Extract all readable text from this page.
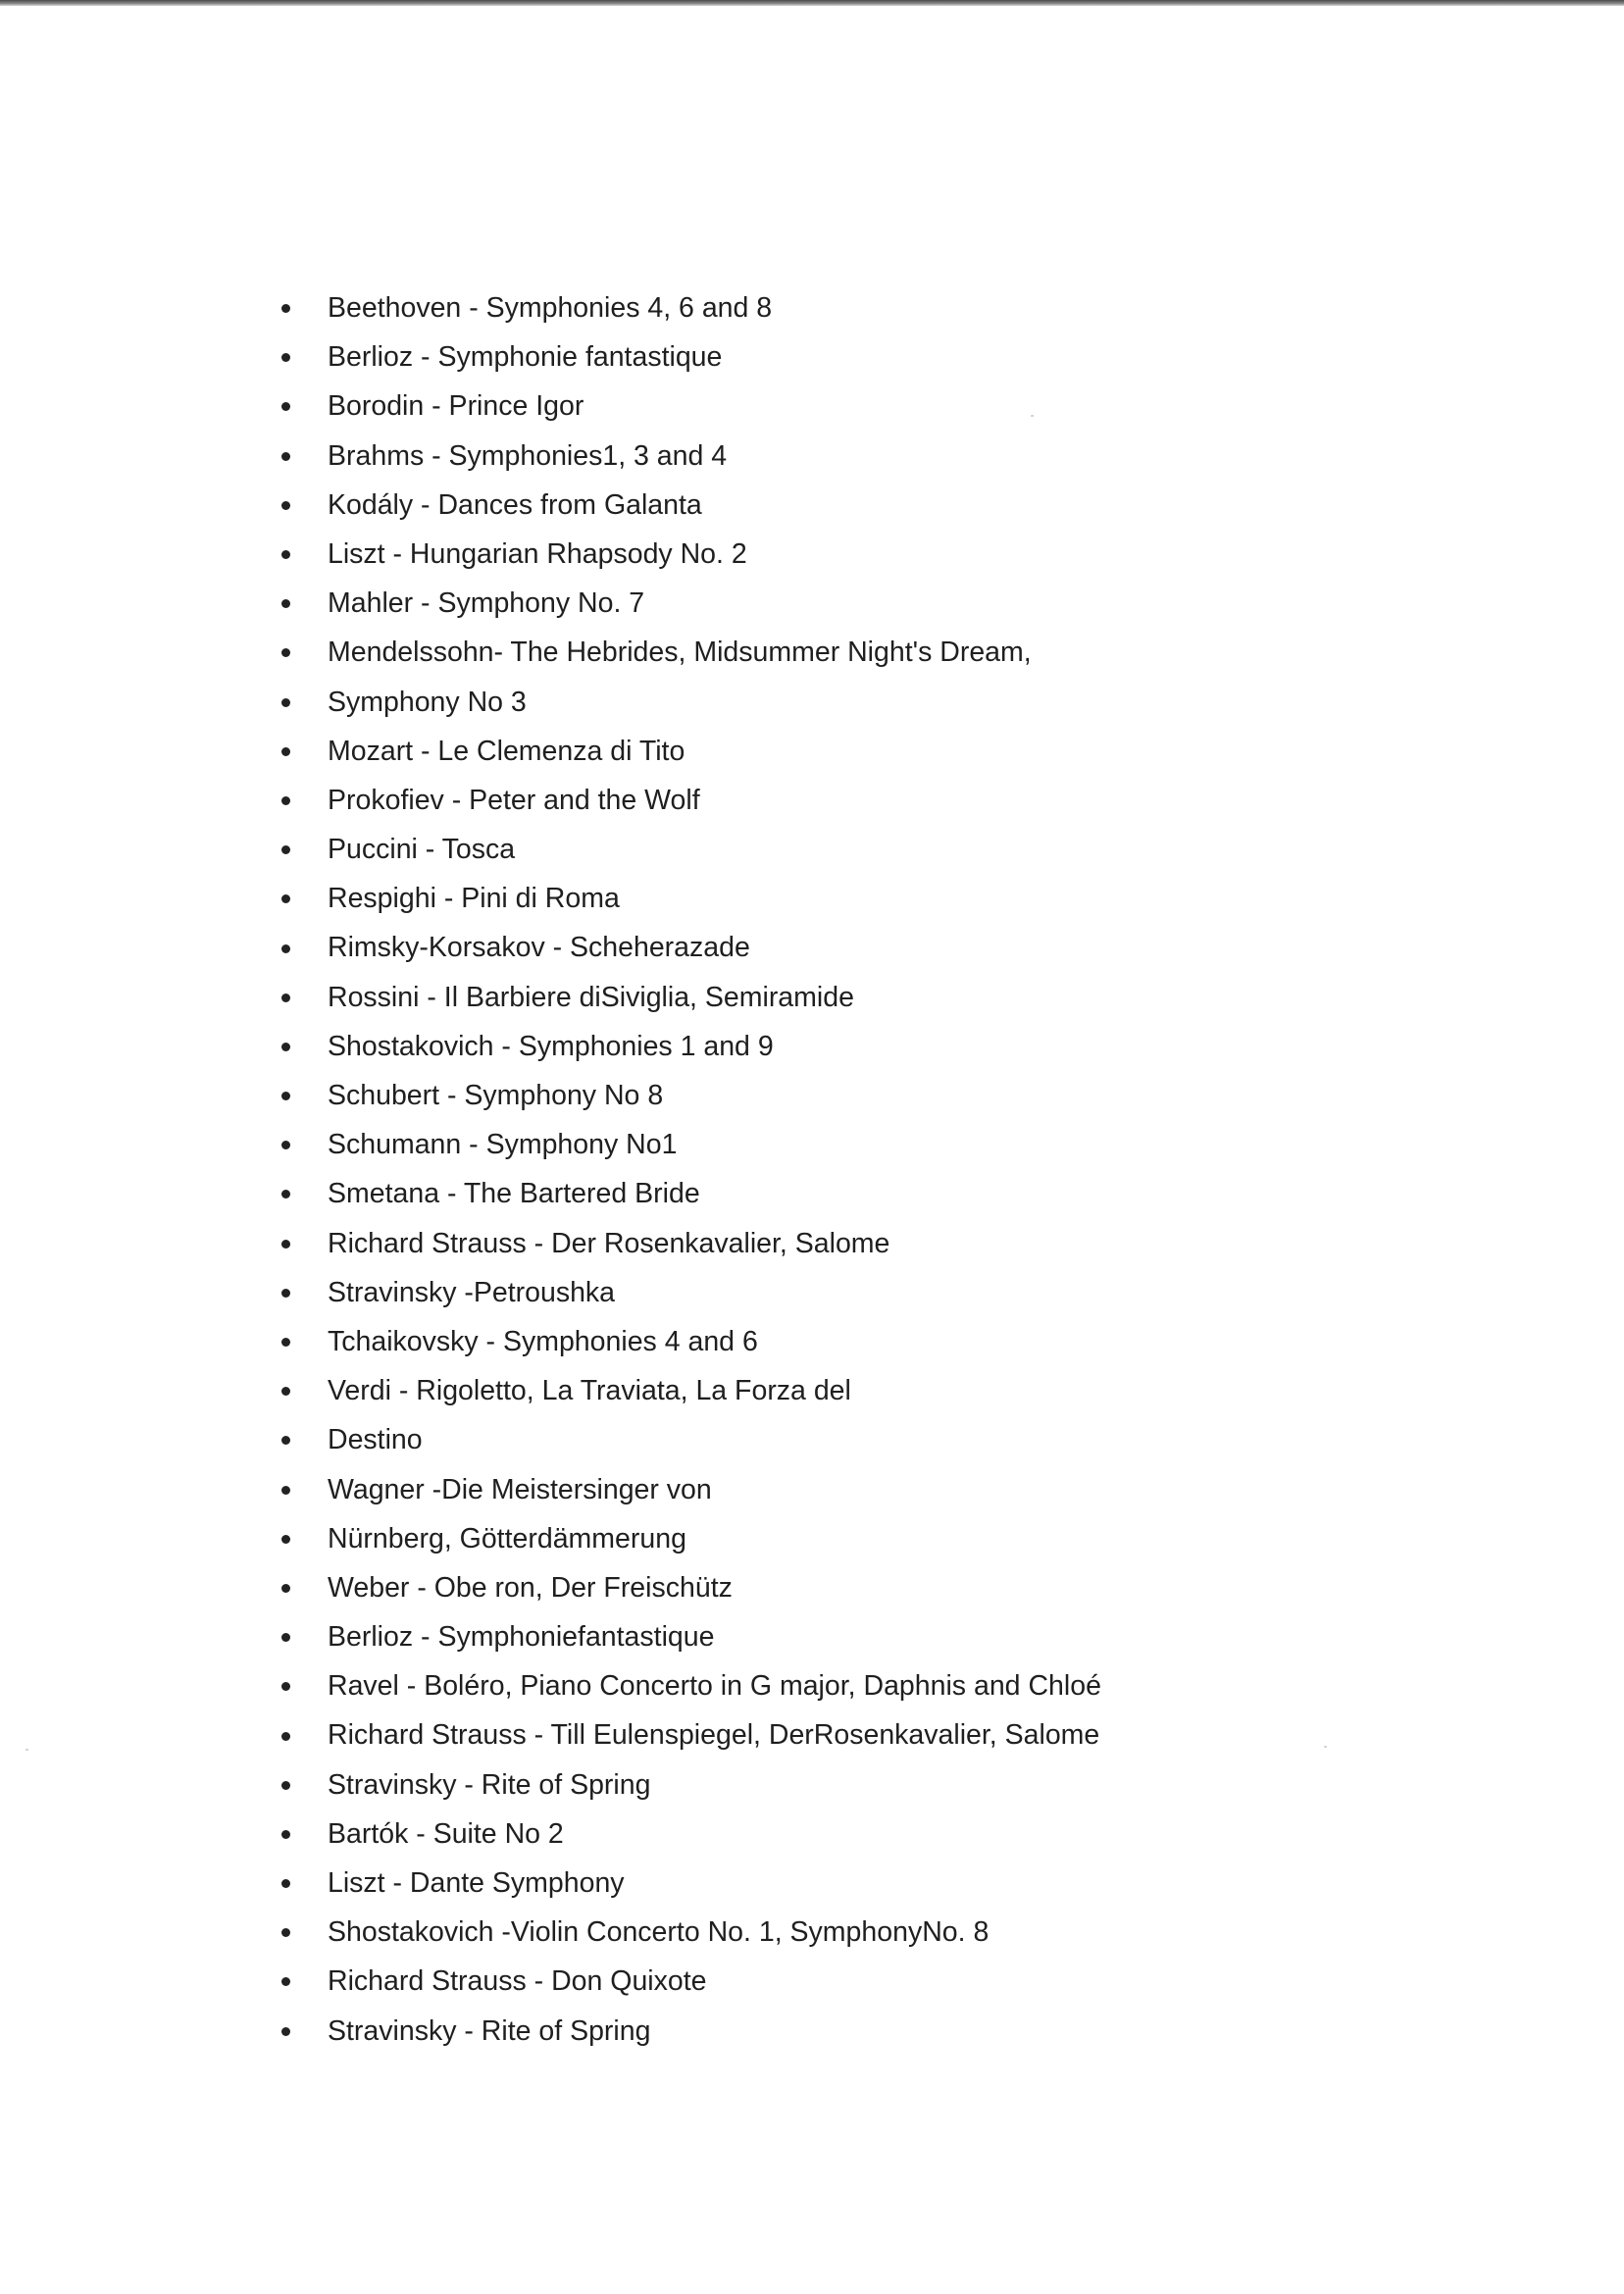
Beethoven - Symphonies 4, 6 and 8
Berlioz - Symphonie fantastique
Borodin - Prince Igor
Brahms - Symphonies1, 3 and 4
Kodály - Dances from Galanta
Liszt - Hungarian Rhapsody No. 2
Mahler - Symphony No. 7
Mendelssohn- The Hebrides, Midsummer Night's Dream,
Symphony No 3
Mozart - Le Clemenza di Tito
Prokofiev - Peter and the Wolf
Puccini - Tosca
Respighi - Pini di Roma
Rimsky-Korsakov - Scheherazade
Rossini - Il Barbiere diSiviglia, Semiramide
Shostakovich - Symphonies 1 and 9
Schubert - Symphony No 8
Schumann - Symphony No1
Smetana - The Bartered Bride
Richard Strauss - Der Rosenkavalier, Salome
Stravinsky -Petroushka
Tchaikovsky - Symphonies 4 and 6
Verdi - Rigoletto, La Traviata, La Forza del
Destino
Wagner -Die Meistersinger von
Nürnberg, Götterdämmerung
Weber - Obe ron, Der Freischütz
Berlioz - Symphoniefantastique
Ravel - Boléro, Piano Concerto in G major, Daphnis and Chloé
Richard Strauss - Till Eulenspiegel, DerRosenkavalier, Salome
Stravinsky - Rite of Spring
Bartók - Suite No 2
Liszt - Dante Symphony
Shostakovich -Violin Concerto No. 1, SymphonyNo. 8
Richard Strauss - Don Quixote
Stravinsky - Rite of Spring
